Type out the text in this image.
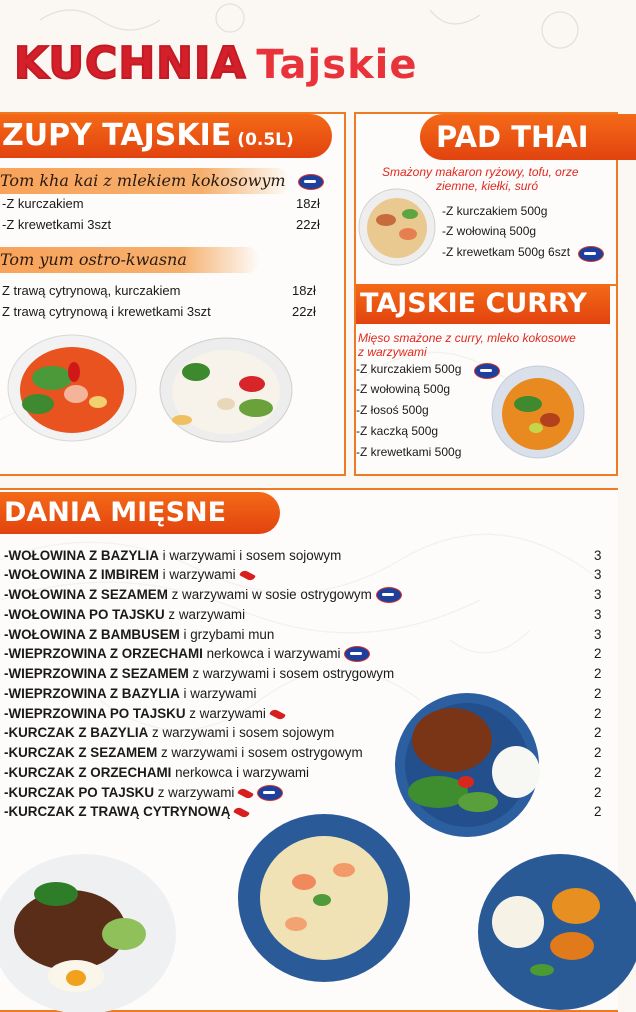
KUCHNIA Tajskie
ZUPY TAJSKIE (0.5L)
Tom kha kai z mlekiem kokosowym
-Z kurczakiem	18zł
-Z krewetkami 3szt	22zł
Tom yum ostro-kwasna
Z trawą cytrynową, kurczakiem	18zł
Z trawą cytrynową i krewetkami 3szt	22zł
PAD THAI
Smażony makaron ryżowy, tofu, orze
ziemne, kiełki, suró
-Z kurczakiem 500g
-Z wołowiną 500g
-Z krewetkam 500g 6szt
TAJSKIE CURRY
Mięso smażone z curry, mleko kokosowe
z warzywami
-Z kurczakiem 500g
-Z wołowiną 500g
-Z łosoś 500g
-Z kaczką 500g
-Z krewetkami 500g
DANIA MIĘSNE
-WOŁOWINA Z BAZYLIA i warzywami i sosem sojowym	3
-WOŁOWINA Z IMBIREM i warzywami	3
-WOŁOWINA Z SEZAMEM z warzywami w sosie ostrygowym	3
-WOŁOWINA PO TAJSKU z warzywami	3
-WOŁOWINA Z BAMBUSEM i grzybami mun	3
-WIEPRZOWINA Z ORZECHAMI nerkowca i warzywami	2
-WIEPRZOWINA Z SEZAMEM z warzywami i sosem ostrygowym	2
-WIEPRZOWINA Z BAZYLIA i warzywami	2
-WIEPRZOWINA PO TAJSKU z warzywami	2
-KURCZAK Z BAZYLIA z warzywami i sosem sojowym	2
-KURCZAK Z SEZAMEM z warzywami i sosem ostrygowym	2
-KURCZAK Z ORZECHAMI nerkowca i warzywami	2
-KURCZAK PO TAJSKU z warzywami	2
-KURCZAK Z TRAWĄ CYTRYNOWĄ	2
